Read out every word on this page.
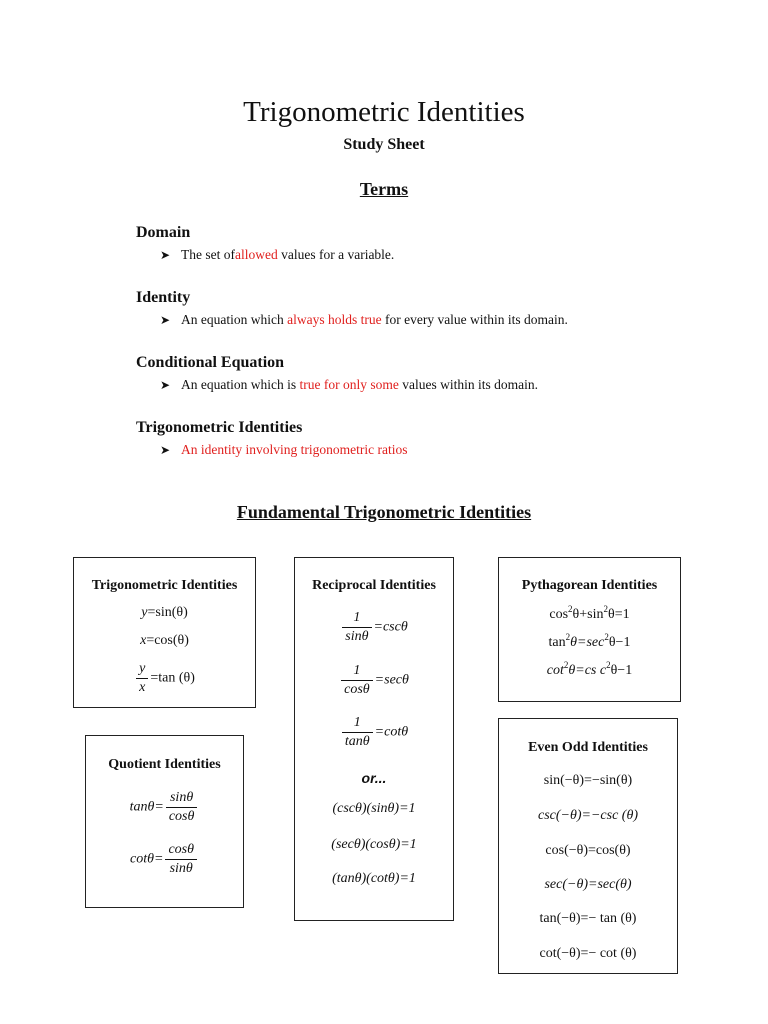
Trigonometric Identities
Study Sheet
Terms
Domain
➤ The set of allowed values for a variable.
Identity
➤ An equation which always holds true for every value within its domain.
Conditional Equation
➤ An equation which is true for only some values within its domain.
Trigonometric Identities
➤ An identity involving trigonometric ratios
Fundamental Trigonometric Identities
Trigonometric Identities
y=sin(θ)
x=cos(θ)
$\frac{y}{x} =\tan$ (θ)
Quotient Identities
$\tan\theta= \frac{\sin\theta}{\cos\theta}$
$\cot\theta= \frac{\cos\theta}{\sin\theta}$
Reciprocal Identities
$\frac{1}{\sin\theta} =\csc\theta$
$\frac{1}{\cos\theta} =\sec\theta$
$\frac{1}{\tan\theta} =\cot\theta$
or...
(cscθ)(sinθ)=1
(secθ)(cosθ)=1
(tanθ)(cotθ)=1
Pythagorean Identities
$\cos^2\theta+\sin^2\theta=1$
$\tan^2\theta=\sec^2\theta-1$
$\cot^2\theta=cs$ $c^2\theta-1$
Even Odd Identities
sin(−θ)=−sin(θ)
csc(−θ)=−csc (θ)
cos(−θ)=cos(θ)
sec(−θ)=sec(θ)
tan(−θ)=− tan (θ)
cot(−θ)=− cot (θ)
